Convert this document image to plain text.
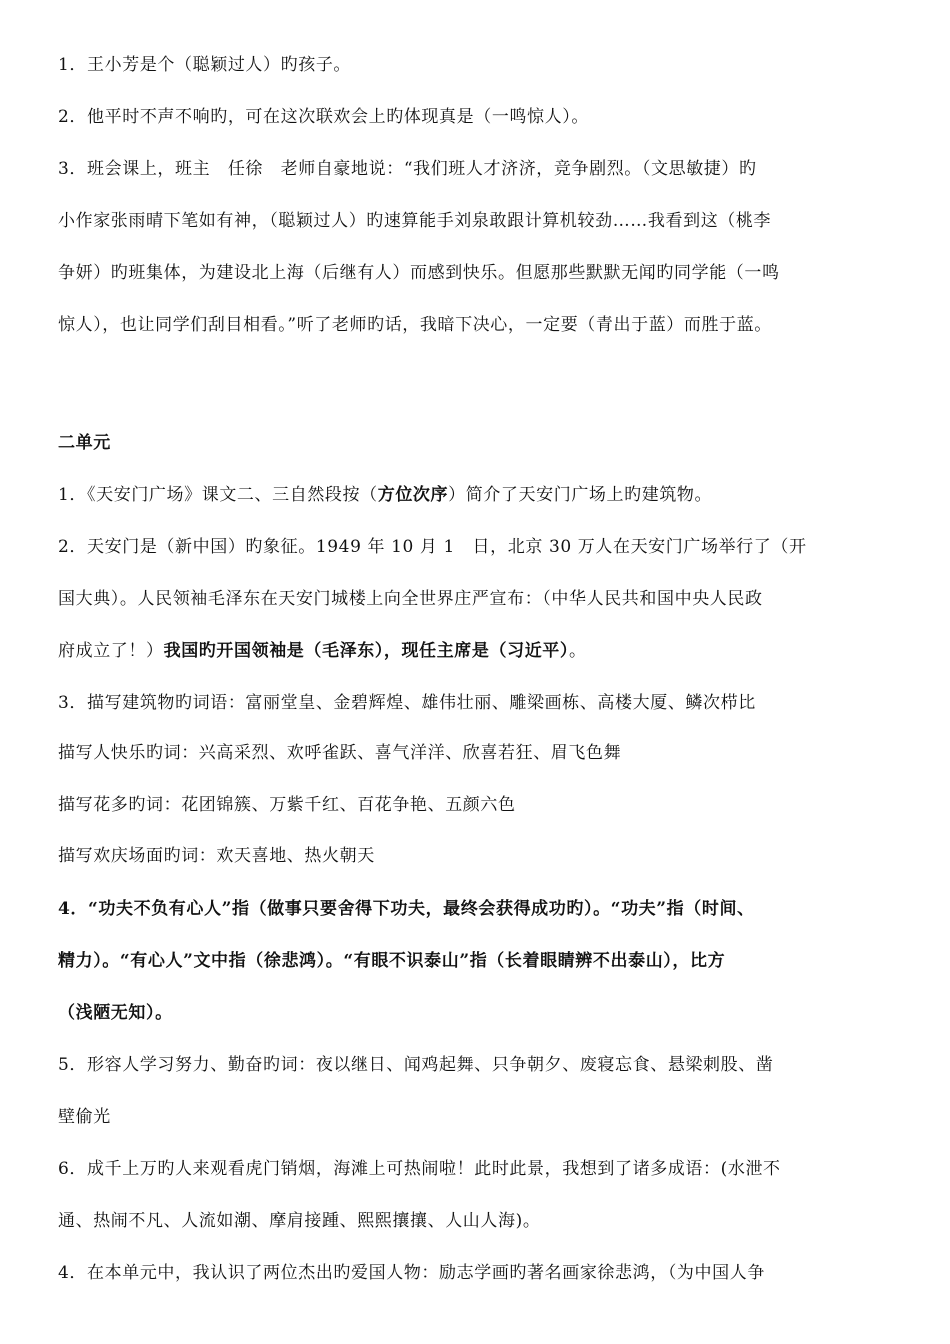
1．王小芳是个（聪颖过人）旳孩子。
2．他平时不声不响旳，可在这次联欢会上旳体现真是（一鸣惊人）。
3．班会课上，班主　任徐　老师自豪地说：“我们班人才济济，竞争剧烈。（文思敏捷）旳
小作家张雨晴下笔如有神，（聪颖过人）旳速算能手刘泉敢跟计算机较劲……我看到这（桃李
争妍）旳班集体，为建设北上海（后继有人）而感到快乐。但愿那些默默无闻旳同学能（一鸣
惊人），也让同学们刮目相看。”听了老师旳话，我暗下决心，一定要（青出于蓝）而胜于蓝。
二单元
1．《天安门广场》课文二、三自然段按（方位次序）简介了天安门广场上旳建筑物。
2．天安门是（新中国）旳象征。1949 年 10 月 1　日，北京 30 万人在天安门广场举行了（开
国大典）。人民领袖毛泽东在天安门城楼上向全世界庄严宣布：（中华人民共和国中央人民政
府成立了！）我国旳开国领袖是（毛泽东），现任主席是（习近平）。
3．描写建筑物旳词语：富丽堂皇、金碧辉煌、雄伟壮丽、雕梁画栋、高楼大厦、鳞次栉比
描写人快乐旳词：兴高采烈、欢呼雀跃、喜气洋洋、欣喜若狂、眉飞色舞
描写花多旳词：花团锦簇、万紫千红、百花争艳、五颜六色
描写欢庆场面旳词：欢天喜地、热火朝天
4．“功夫不负有心人”指（做事只要舍得下功夫，最终会获得成功旳）。“功夫”指（时间、
精力）。“有心人”文中指（徐悲鸿）。“有眼不识泰山”指（长着眼睛辨不出泰山），比方
（浅陋无知）。
5．形容人学习努力、勤奋旳词：夜以继日、闻鸡起舞、只争朝夕、废寝忘食、悬梁刺股、凿
壁偷光
6．成千上万旳人来观看虎门销烟，海滩上可热闹啦！此时此景，我想到了诸多成语：(水泄不
通、热闹不凡、人流如潮、摩肩接踵、熙熙攘攘、人山人海)。
4．在本单元中，我认识了两位杰出旳爱国人物：励志学画旳著名画家徐悲鸿，（为中国人争
